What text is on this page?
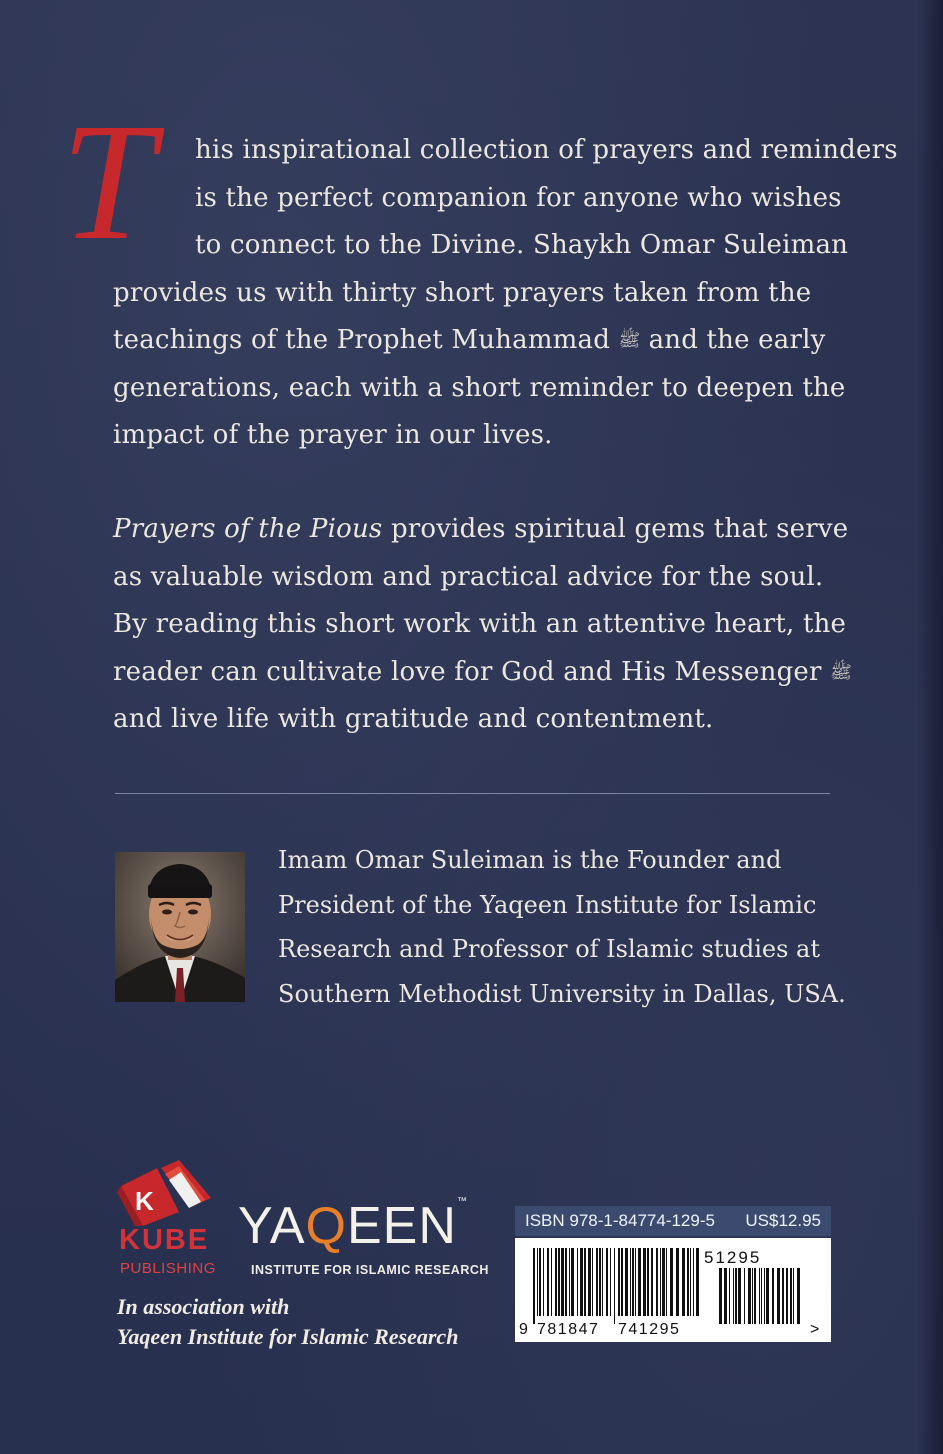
T	his inspirational collection of prayers and reminders
is the perfect companion for anyone who wishes
to connect to the Divine. Shaykh Omar Suleiman
provides us with thirty short prayers taken from the
teachings of the Prophet Muhammad ﷺ and the early
generations, each with a short reminder to deepen the
impact of the prayer in our lives.
Prayers of the Pious provides spiritual gems that serve
as valuable wisdom and practical advice for the soul.
By reading this short work with an attentive heart, the
reader can cultivate love for God and His Messenger ﷺ
and live life with gratitude and contentment.
Imam Omar Suleiman is the Founder and
President of the Yaqeen Institute for Islamic
Research and Professor of Islamic studies at
Southern Methodist University in Dallas, USA.
K
KUBE
PUBLISHING
YAQEEN™
INSTITUTE FOR ISLAMIC RESEARCH
In association with
Yaqeen Institute for Islamic Research
ISBN 978-1-84774-129-5 US$12.95
51295
9 781847 741295	>
